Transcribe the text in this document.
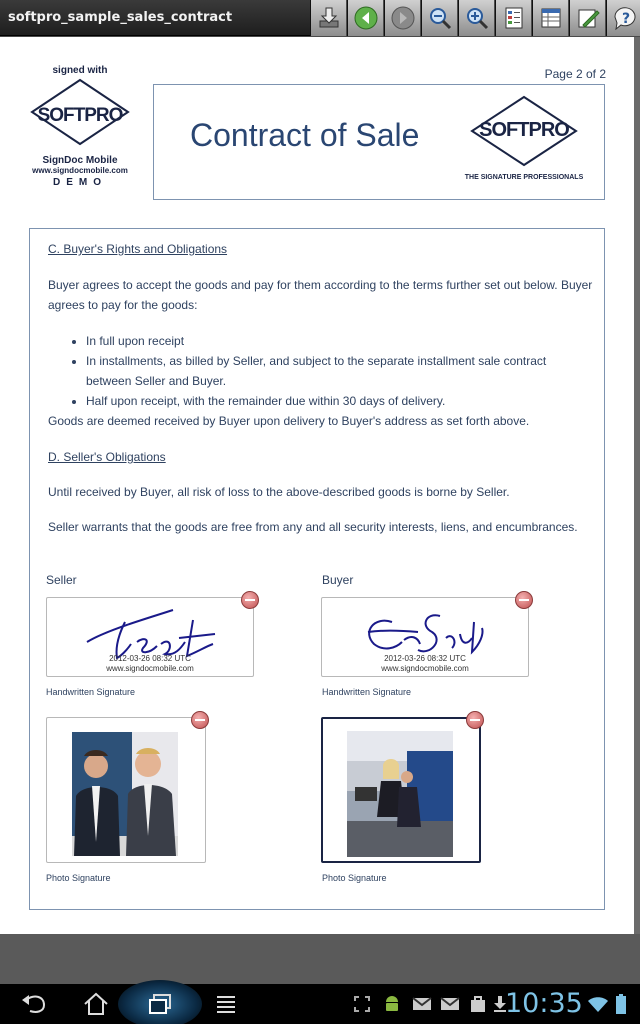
softpro_sample_sales_contract	?
signed with
SOFTPRO
SignDoc Mobile
www.signdocmobile.com
DEMO
Page 2 of 2
Contract of Sale	SOFTPRO
THE SIGNATURE PROFESSIONALS
C. Buyer's Rights and Obligations
Buyer agrees to accept the goods and pay for them according to the terms further set out below. Buyer agrees to pay for the goods:
• In full upon receipt
• In installments, as billed by Seller, and subject to the separate installment sale contract between Seller and Buyer.
• Half upon receipt, with the remainder due within 30 days of delivery.
Goods are deemed received by Buyer upon delivery to Buyer's address as set forth above.
D. Seller's Obligations
Until received by Buyer, all risk of loss to the above-described goods is borne by Seller.
Seller warrants that the goods are free from any and all security interests, liens, and encumbrances.
Seller	Buyer
2012-03-26 08:32 UTC
www.signdocmobile.com
Handwritten Signature
2012-03-26 08:32 UTC
www.signdocmobile.com
Handwritten Signature
Photo Signature	Photo Signature
10:35
